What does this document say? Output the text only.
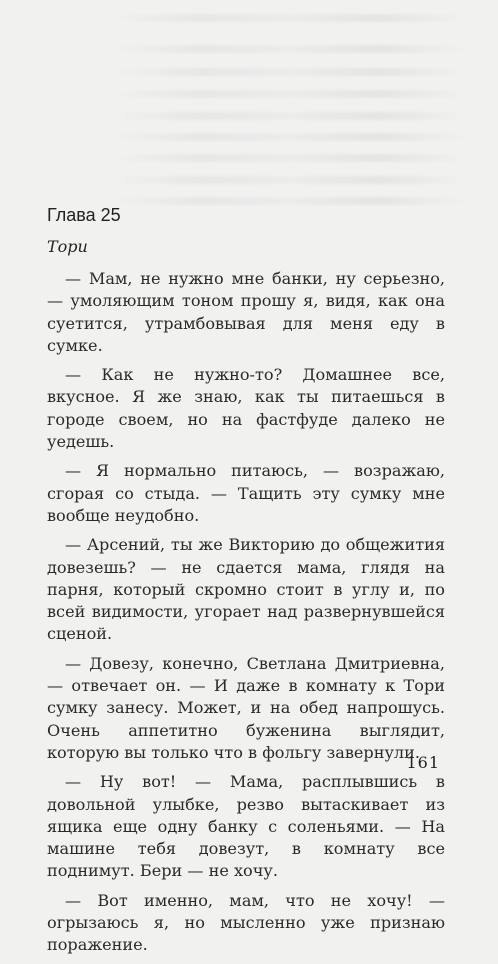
Глава 25
Тори

— Мам, не нужно мне банки, ну серьезно, — умоляющим тоном прошу я, видя, как она суетится, утрамбовывая для меня еду в сумке.

— Как не нужно-то? Домашнее все, вкусное. Я же знаю, как ты питаешься в городе своем, но на фастфуде далеко не уедешь.

— Я нормально питаюсь, — возражаю, сгорая со стыда. — Тащить эту сумку мне вообще неудобно.

— Арсений, ты же Викторию до общежития довезешь? — не сдается мама, глядя на парня, который скромно стоит в углу и, по всей видимости, угорает над развернувшейся сценой.

— Довезу, конечно, Светлана Дмитриевна, — отвечает он. — И даже в комнату к Тори сумку занесу. Может, и на обед напрошусь. Очень аппетитно буженина выглядит, которую вы только что в фольгу завернули.

— Ну вот! — Мама, расплывшись в довольной улыбке, резво вытаскивает из ящика еще одну банку с соленьями. — На машине тебя довезут, в комнату все поднимут. Бери — не хочу.

— Вот именно, мам, что не хочу! — огрызаюсь я, но мысленно уже признаю поражение.

161
